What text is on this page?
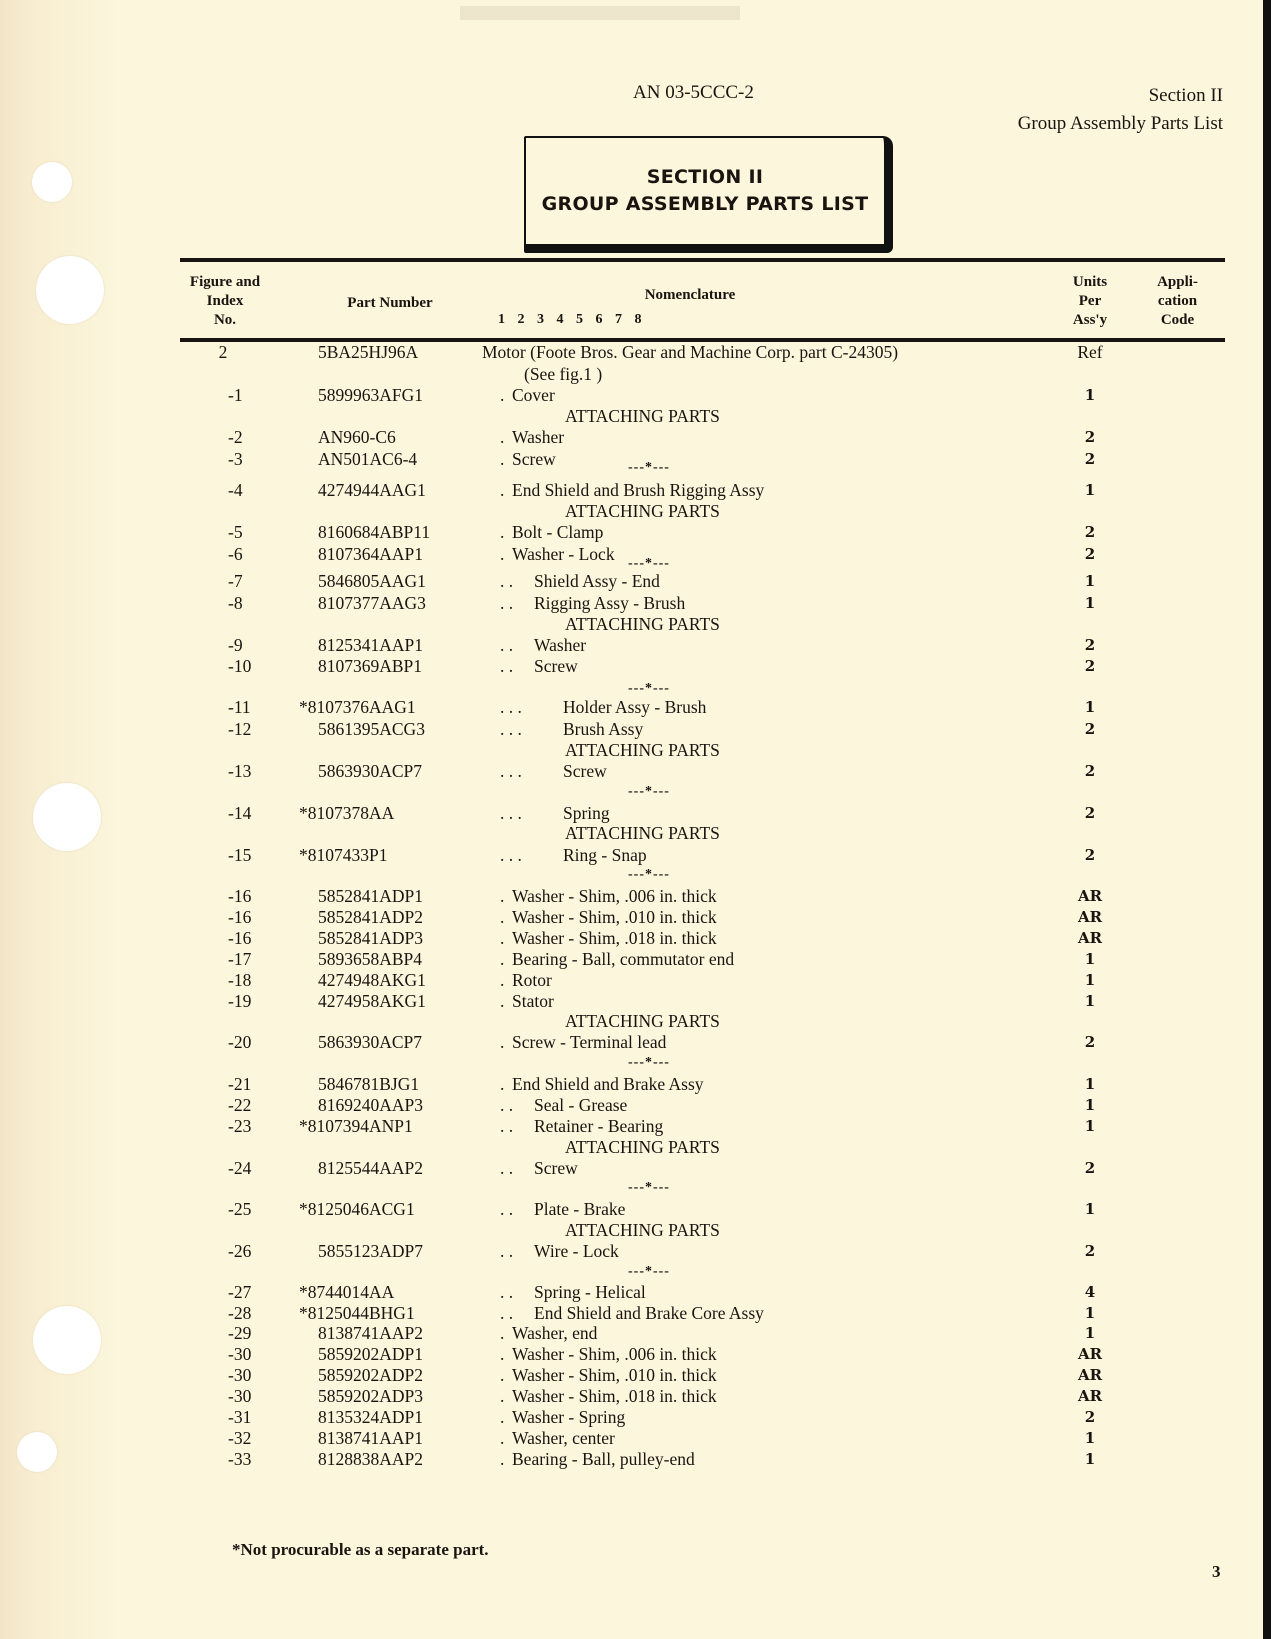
AN 03-5CCC-2	Section II
Group Assembly Parts List
SECTION II
GROUP ASSEMBLY PARTS LIST
Figure and
Index
No.
Part Number	Nomenclature
1 2 3 4 5 6 7 8
Units
Per
Ass'y
Appli-
cation
Code
ATTACHING PARTS
ATTACHING PARTS
ATTACHING PARTS
ATTACHING PARTS
ATTACHING PARTS
ATTACHING PARTS
ATTACHING PARTS
ATTACHING PARTS
---*---
---*---
---*---
---*---
---*---
---*---
---*---
---*---
2	5BA25HJ96A	Motor (Foote Bros. Gear and Machine Corp. part C-24305)	Ref
(See fig.1 )
-1	5899963AFG1	. Cover	1
-2	AN960-C6	. Washer	2
-3	AN501AC6-4	. Screw	2
-4	4274944AAG1	. End Shield and Brush Rigging Assy	1
-5	8160684ABP11	. Bolt - Clamp	2
-6	8107364AAP1	. Washer - Lock	2
-7	5846805AAG1	. . Shield Assy - End	1
-8	8107377AAG3	. . Rigging Assy - Brush	1
-9	8125341AAP1	. . Washer	2
-10	8107369ABP1	. . Screw	2
-11	*8107376AAG1	. . . Holder Assy - Brush	1
-12	5861395ACG3	. . . Brush Assy	2
-13	5863930ACP7	. . . Screw	2
-14	*8107378AA	. . . Spring	2
-15	*8107433P1	. . . Ring - Snap	2
-16	5852841ADP1	. Washer - Shim, .006 in. thick	AR
-16	5852841ADP2	. Washer - Shim, .010 in. thick	AR
-16	5852841ADP3	. Washer - Shim, .018 in. thick	AR
-17	5893658ABP4	. Bearing - Ball, commutator end	1
-18	4274948AKG1	. Rotor	1
-19	4274958AKG1	. Stator	1
-20	5863930ACP7	. Screw - Terminal lead	2
-21	5846781BJG1	. End Shield and Brake Assy	1
-22	8169240AAP3	. . Seal - Grease	1
-23	*8107394ANP1	. . Retainer - Bearing	1
-24	8125544AAP2	. . Screw	2
-25	*8125046ACG1	. . Plate - Brake	1
-26	5855123ADP7	. . Wire - Lock	2
-27	*8744014AA	. . Spring - Helical	4
-28	*8125044BHG1	. . End Shield and Brake Core Assy	1
-29	8138741AAP2	. Washer, end	1
-30	5859202ADP1	. Washer - Shim, .006 in. thick	AR
-30	5859202ADP2	. Washer - Shim, .010 in. thick	AR
-30	5859202ADP3	. Washer - Shim, .018 in. thick	AR
-31	8135324ADP1	. Washer - Spring	2
-32	8138741AAP1	. Washer, center	1
-33	8128838AAP2	. Bearing - Ball, pulley-end	1
*Not procurable as a separate part.
3
